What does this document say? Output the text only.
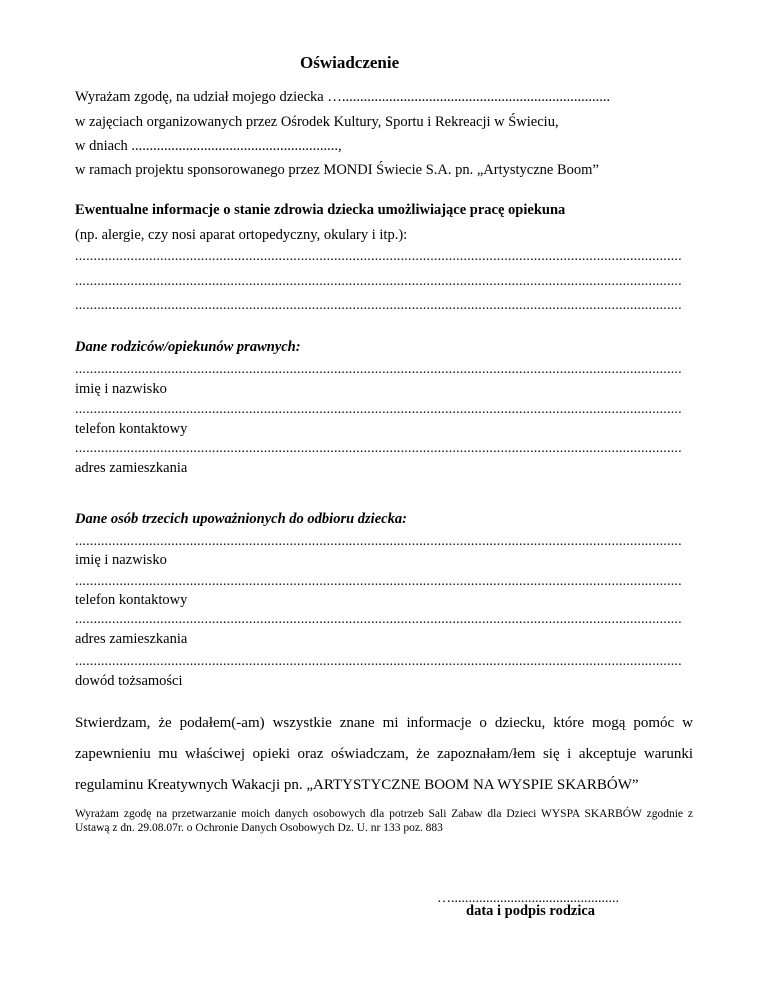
Oświadczenie
Wyrażam zgodę, na udział mojego dziecka …..........................................................................
w zajęciach organizowanych przez Ośrodek Kultury, Sportu i Rekreacji w Świeciu,
w dniach .........................................................,
w ramach projektu sponsorowanego przez MONDI Świecie S.A. pn. „Artystyczne Boom”
Ewentualne informacje o stanie zdrowia dziecka umożliwiające pracę opiekuna
(np. alergie, czy nosi aparat ortopedyczny, okulary i itp.):
....................................................................................................................................................................
....................................................................................................................................................................
....................................................................................................................................................................
Dane rodziców/opiekunów prawnych:
....................................................................................................................................................................
imię i nazwisko
....................................................................................................................................................................
telefon kontaktowy
....................................................................................................................................................................
adres zamieszkania
Dane osób trzecich upoważnionych do odbioru dziecka:
....................................................................................................................................................................
imię i nazwisko
....................................................................................................................................................................
telefon kontaktowy
....................................................................................................................................................................
adres zamieszkania
....................................................................................................................................................................
dowód tożsamości
Stwierdzam, że podałem(-am) wszystkie znane mi informacje o dziecku, które mogą pomóc w zapewnieniu mu właściwej opieki oraz oświadczam, że zapoznałam/łem się i akceptuje warunki regulaminu Kreatywnych Wakacji pn. „ARTYSTYCZNE BOOM NA WYSPIE SKARBÓW”
Wyrażam zgodę na przetwarzanie moich danych osobowych dla potrzeb Sali Zabaw dla Dzieci WYSPA SKARBÓW zgodnie z Ustawą z dn. 29.08.07r. o Ochronie Danych Osobowych Dz. U. nr 133 poz. 883
…................................................
data i podpis rodzica
